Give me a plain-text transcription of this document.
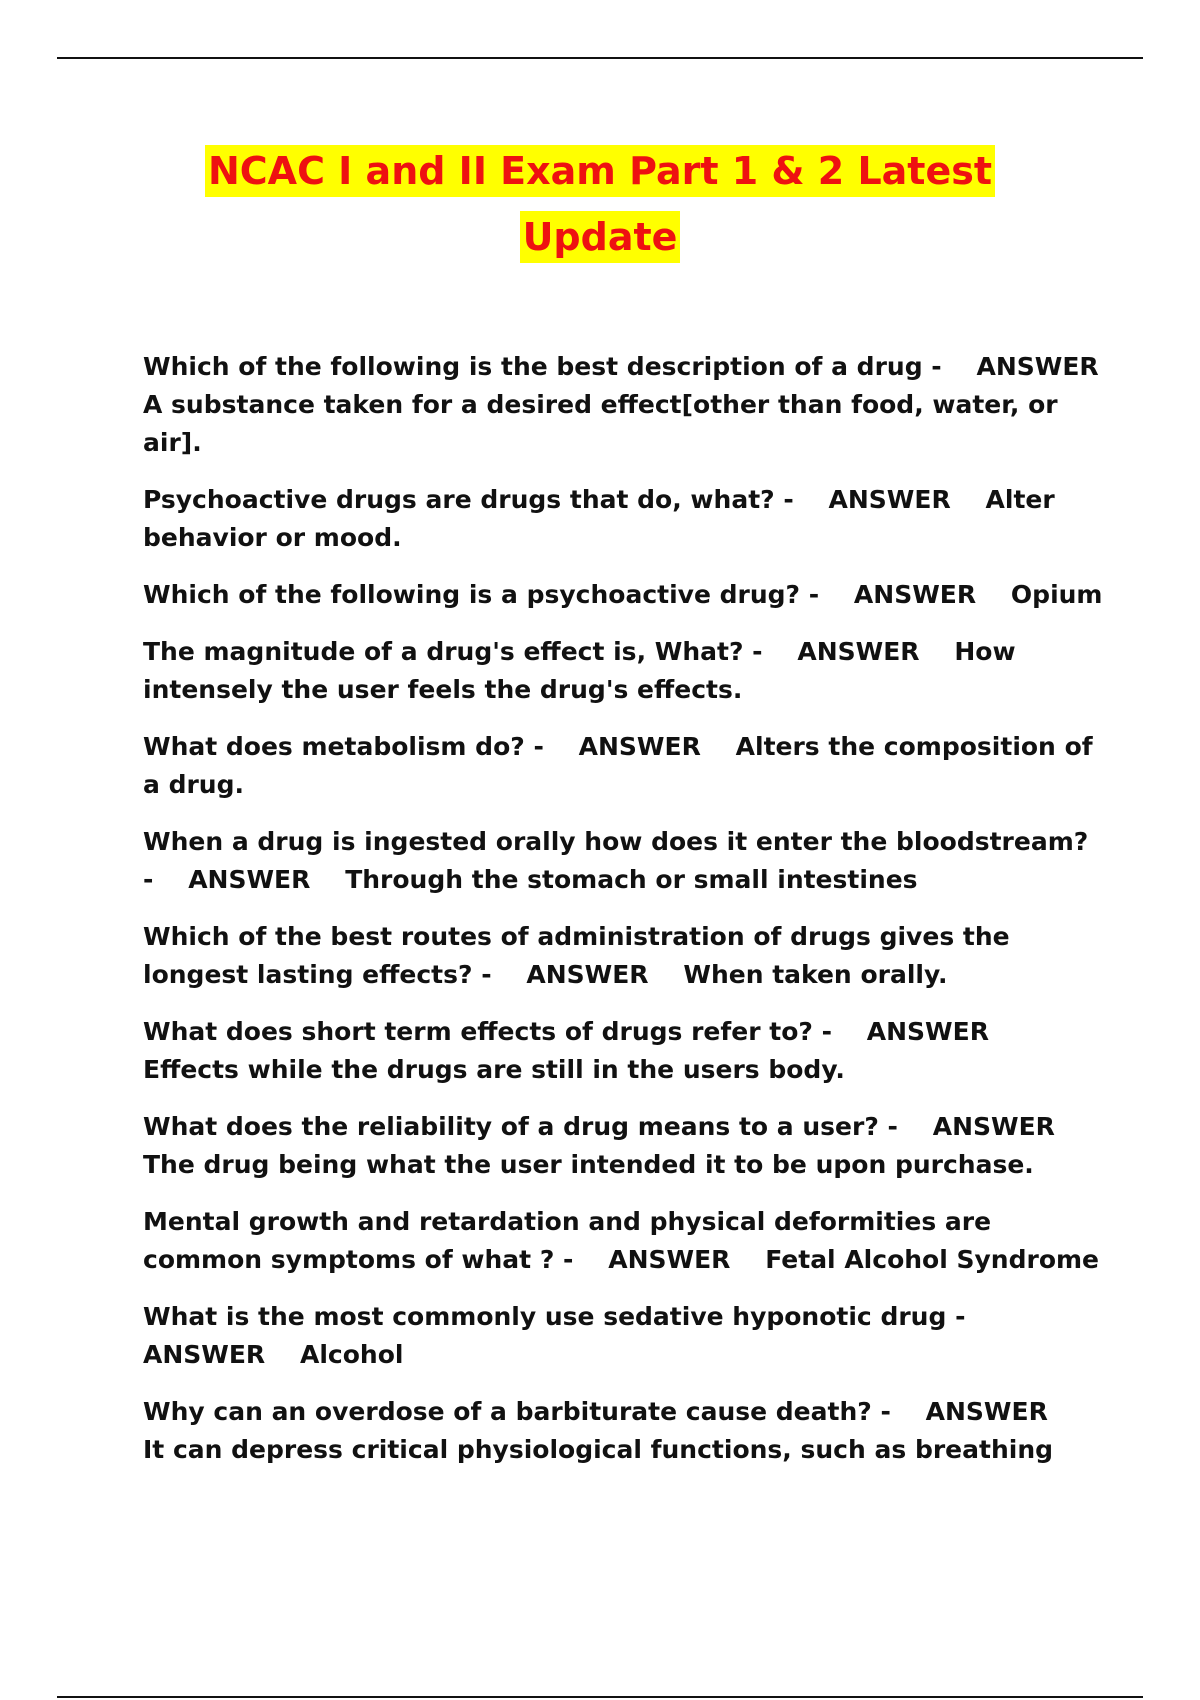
NCAC I and II Exam Part 1 & 2 Latest
Update

Which of the following is the best description of a drug -    ANSWER    A substance taken for a desired effect[other than food, water, or air].

Psychoactive drugs are drugs that do, what? -    ANSWER    Alter behavior or mood.

Which of the following is a psychoactive drug? -    ANSWER    Opium

The magnitude of a drug's effect is, What? -    ANSWER    How intensely the user feels the drug's effects.

What does metabolism do? -    ANSWER    Alters the composition of a drug.

When a drug is ingested orally how does it enter the bloodstream? -    ANSWER    Through the stomach or small intestines

Which of the best routes of administration of drugs gives the longest lasting effects? -    ANSWER    When taken orally.

What does short term effects of drugs refer to? -    ANSWER    Effects while the drugs are still in the users body.

What does the reliability of a drug means to a user? -    ANSWER    The drug being what the user intended it to be upon purchase.

Mental growth and retardation and physical deformities are common symptoms of what ? -    ANSWER    Fetal Alcohol Syndrome

What is the most commonly use sedative hyponotic drug -    ANSWER    Alcohol

Why can an overdose of a barbiturate cause death? -    ANSWER    It can depress critical physiological functions, such as breathing
